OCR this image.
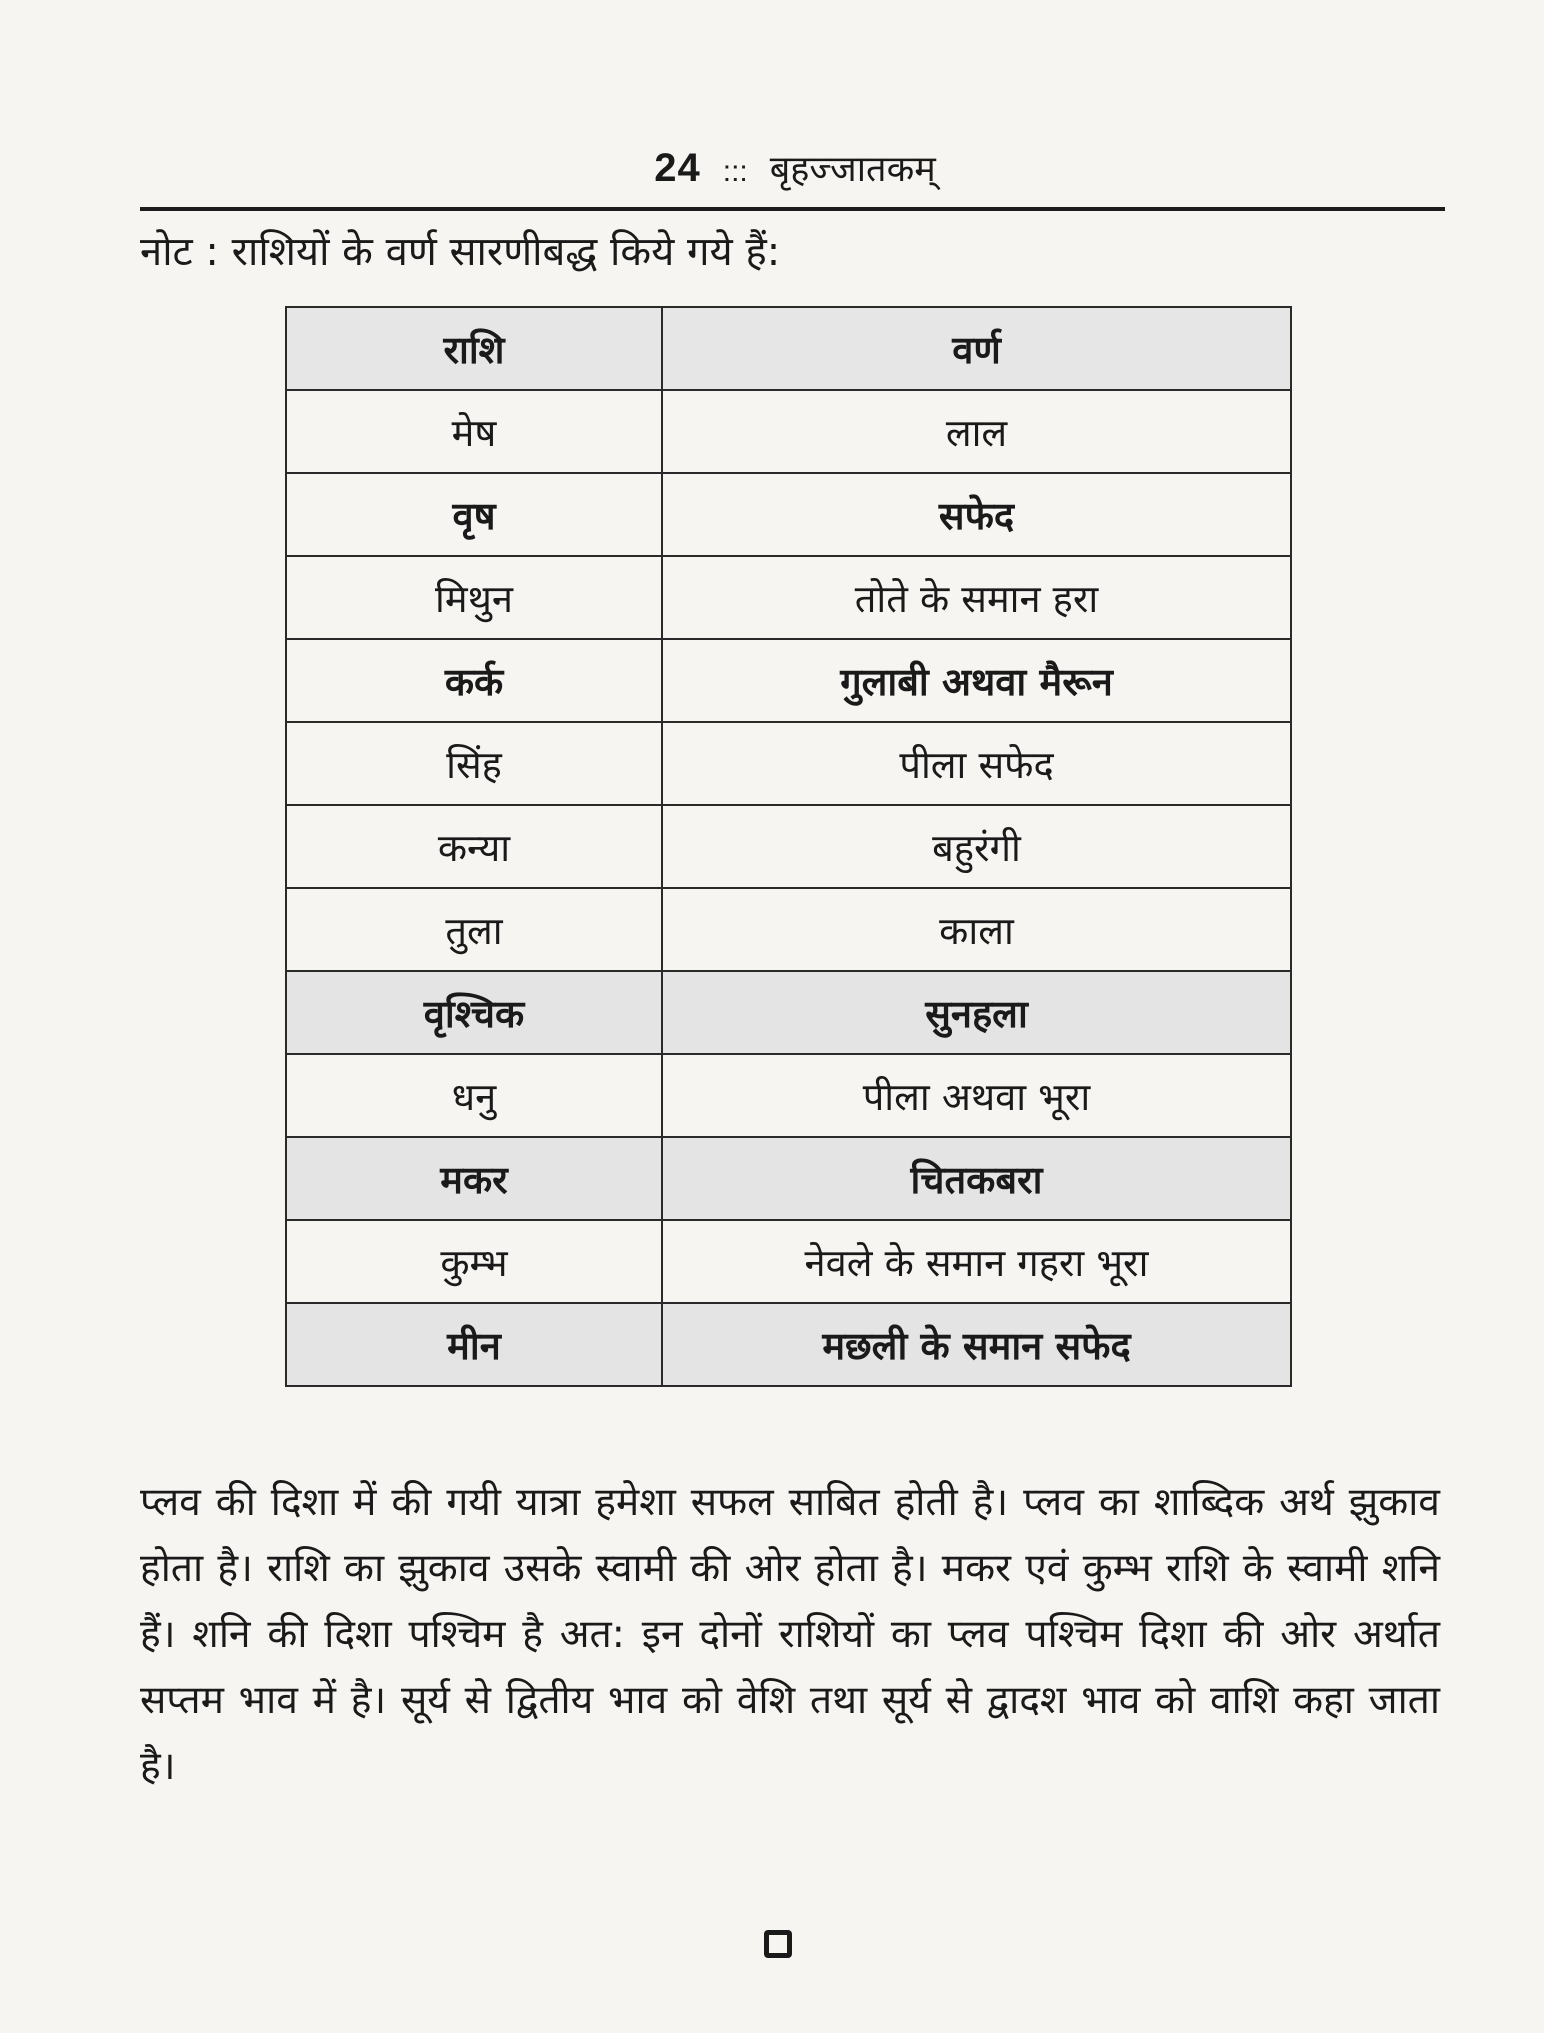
24 ::: बृहज्जातकम्
नोट : राशियों के वर्ण सारणीबद्ध किये गये हैं:
राशि	वर्ण
मेष	लाल
वृष	सफेद
मिथुन	तोते के समान हरा
कर्क	गुलाबी अथवा मैरून
सिंह	पीला सफेद
कन्या	बहुरंगी
तुला	काला
वृश्चिक	सुनहला
धनु	पीला अथवा भूरा
मकर	चितकबरा
कुम्भ	नेवले के समान गहरा भूरा
मीन	मछली के समान सफेद
प्लव की दिशा में की गयी यात्रा हमेशा सफल साबित होती है। प्लव का शाब्दिक अर्थ झुकाव होता है। राशि का झुकाव उसके स्वामी की ओर होता है। मकर एवं कुम्भ राशि के स्वामी शनि हैं। शनि की दिशा पश्चिम है अत: इन दोनों राशियों का प्लव पश्चिम दिशा की ओर अर्थात सप्तम भाव में है। सूर्य से द्वितीय भाव को वेशि तथा सूर्य से द्वादश भाव को वाशि कहा जाता है।
